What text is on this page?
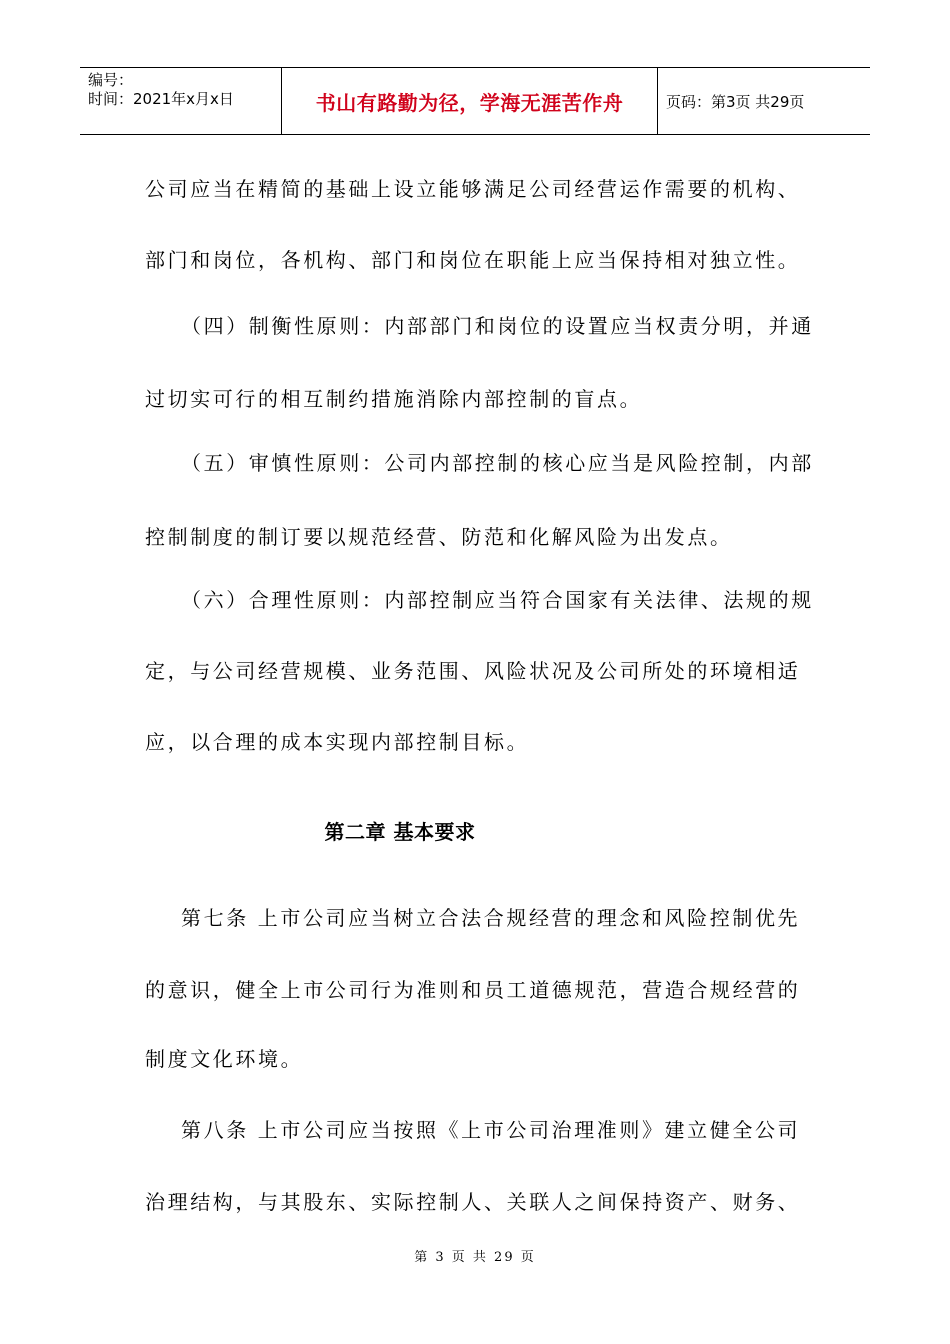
编号：
时间：2021年x月x日	书山有路勤为径，学海无涯苦作舟	页码：第3页 共29页
公司应当在精简的基础上设立能够满足公司经营运作需要的机构、
部门和岗位，各机构、部门和岗位在职能上应当保持相对独立性。
（四）制衡性原则：内部部门和岗位的设置应当权责分明，并通
过切实可行的相互制约措施消除内部控制的盲点。
（五）审慎性原则：公司内部控制的核心应当是风险控制，内部
控制制度的制订要以规范经营、防范和化解风险为出发点。
（六）合理性原则：内部控制应当符合国家有关法律、法规的规
定，与公司经营规模、业务范围、风险状况及公司所处的环境相适
应，以合理的成本实现内部控制目标。
第二章 基本要求
第七条 上市公司应当树立合法合规经营的理念和风险控制优先
的意识，健全上市公司行为准则和员工道德规范，营造合规经营的
制度文化环境。
第八条 上市公司应当按照《上市公司治理准则》建立健全公司
治理结构，与其股东、实际控制人、关联人之间保持资产、财务、
第 3 页 共 29 页
